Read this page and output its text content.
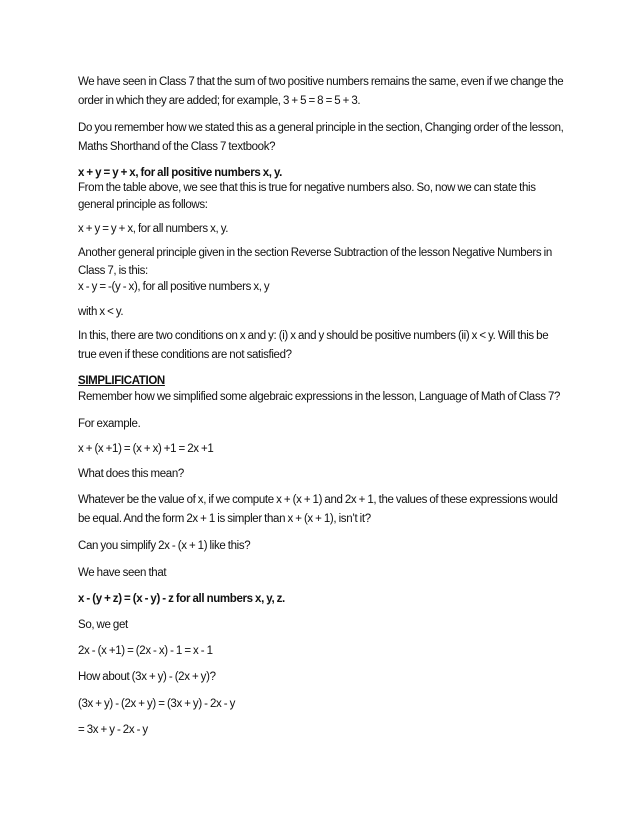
We have seen in Class 7 that the sum of two positive numbers remains the same, even if we change the
order in which they are added; for example, 3 + 5 = 8 = 5 + 3.
Do you remember how we stated this as a general principle in the section, Changing order of the lesson,
Maths Shorthand of the Class 7 textbook?
x + y = y + x, for all positive numbers x, y.
From the table above, we see that this is true for negative numbers also. So, now we can state this
general principle as follows:
x + y = y + x, for all numbers x, y.
Another general principle given in the section Reverse Subtraction of the lesson Negative Numbers in
Class 7, is this:
x - y = -(y - x), for all positive numbers x, y
with x < y.
In this, there are two conditions on x and y: (i) x and y should be positive numbers (ii) x < y. Will this be
true even if these conditions are not satisfied?
SIMPLIFICATION
Remember how we simplified some algebraic expressions in the lesson, Language of Math of Class 7?
For example.
x + (x +1) = (x + x) +1 = 2x +1
What does this mean?
Whatever be the value of x, if we compute x + (x + 1) and 2x + 1, the values of these expressions would
be equal. And the form 2x + 1 is simpler than x + (x + 1), isn’t it?
Can you simplify 2x - (x + 1) like this?
We have seen that
x - (y + z) = (x - y) - z for all numbers x, y, z.
So, we get
2x - (x +1) = (2x - x) - 1 = x - 1
How about (3x + y) - (2x + y)?
(3x + y) - (2x + y) = (3x + y) - 2x - y
= 3x + y - 2x - y
